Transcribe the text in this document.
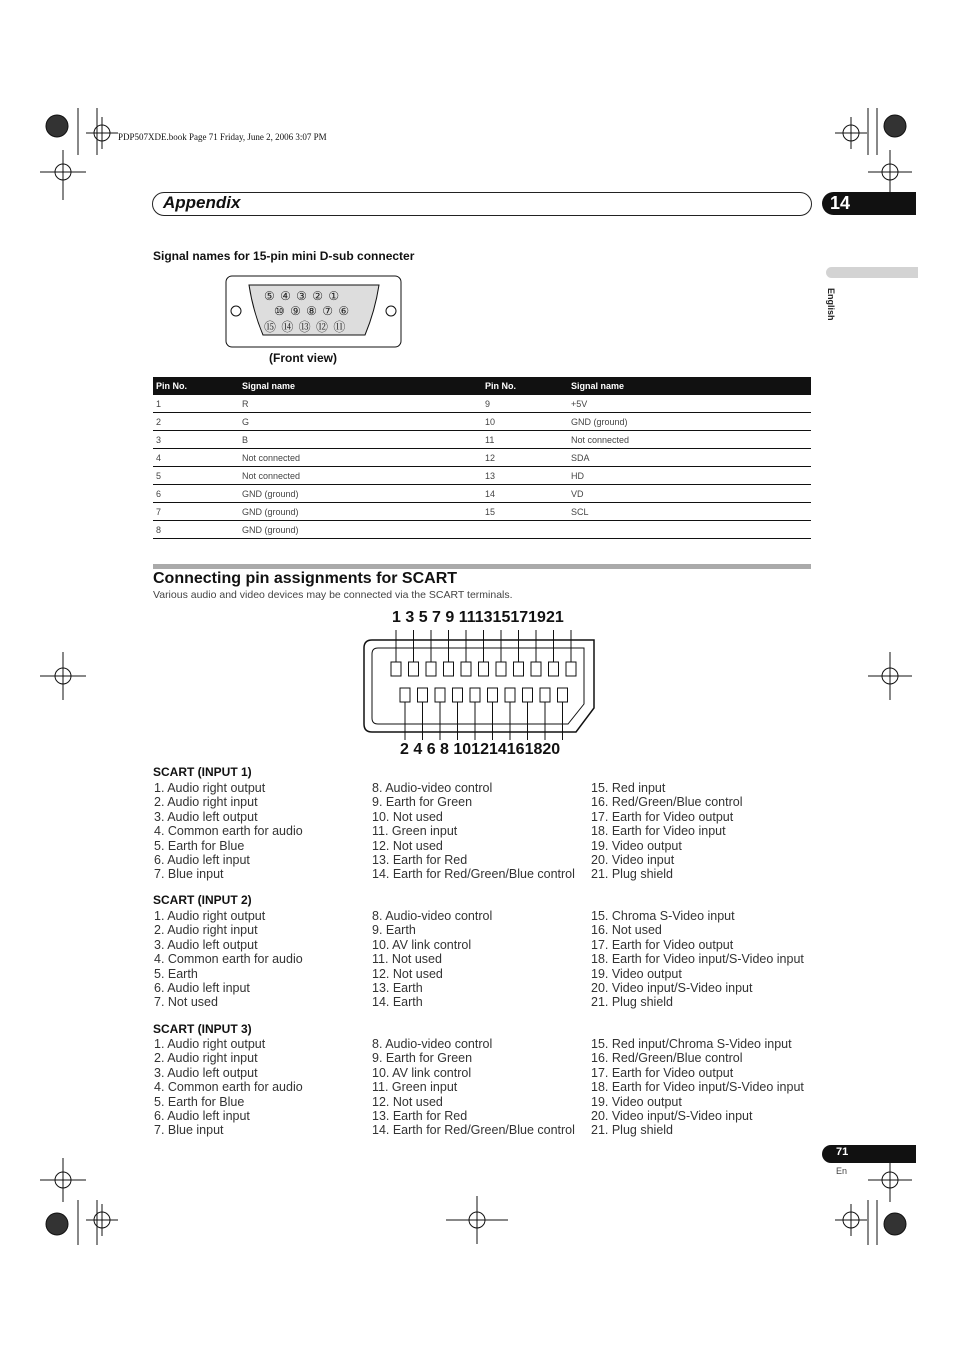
PDP507XDE.book Page 71 Friday, June 2, 2006 3:07 PM
Appendix	14
English
Signal names for 15-pin mini D-sub connecter
⑤ ④ ③ ② ①
⑩ ⑨ ⑧ ⑦ ⑥
⑮ ⑭ ⑬ ⑫ ⑪
(Front view)
Pin No.	Signal name	Pin No.	Signal name
1	R	9	+5V
2	G	10	GND (ground)
3	B	11	Not connected
4	Not connected	12	SDA
5	Not connected	13	HD
6	GND (ground)	14	VD
7	GND (ground)	15	SCL
8	GND (ground)		
Connecting pin assignments for SCART
Various audio and video devices may be connected via the SCART terminals.
1 3 5 7 9 111315171921
2 4 6 8 101214161820
SCART (INPUT 1)
1. Audio right output
2. Audio right input
3. Audio left output
4. Common earth for audio
5. Earth for Blue
6. Audio left input
7. Blue input
8. Audio-video control
9. Earth for Green
10. Not used
11. Green input
12. Not used
13. Earth for Red
14. Earth for Red/Green/Blue control
15. Red input
16. Red/Green/Blue control
17. Earth for Video output
18. Earth for Video input
19. Video output
20. Video input
21. Plug shield
SCART (INPUT 2)
1. Audio right output
2. Audio right input
3. Audio left output
4. Common earth for audio
5. Earth
6. Audio left input
7. Not used
8. Audio-video control
9. Earth
10. AV link control
11. Not used
12. Not used
13. Earth
14. Earth
15. Chroma S-Video input
16. Not used
17. Earth for Video output
18. Earth for Video input/S-Video input
19. Video output
20. Video input/S-Video input
21. Plug shield
SCART (INPUT 3)
1. Audio right output
2. Audio right input
3. Audio left output
4. Common earth for audio
5. Earth for Blue
6. Audio left input
7. Blue input
8. Audio-video control
9. Earth for Green
10. AV link control
11. Green input
12. Not used
13. Earth for Red
14. Earth for Red/Green/Blue control
15. Red input/Chroma S-Video input
16. Red/Green/Blue control
17. Earth for Video output
18. Earth for Video input/S-Video input
19. Video output
20. Video input/S-Video input
21. Plug shield
71
En
